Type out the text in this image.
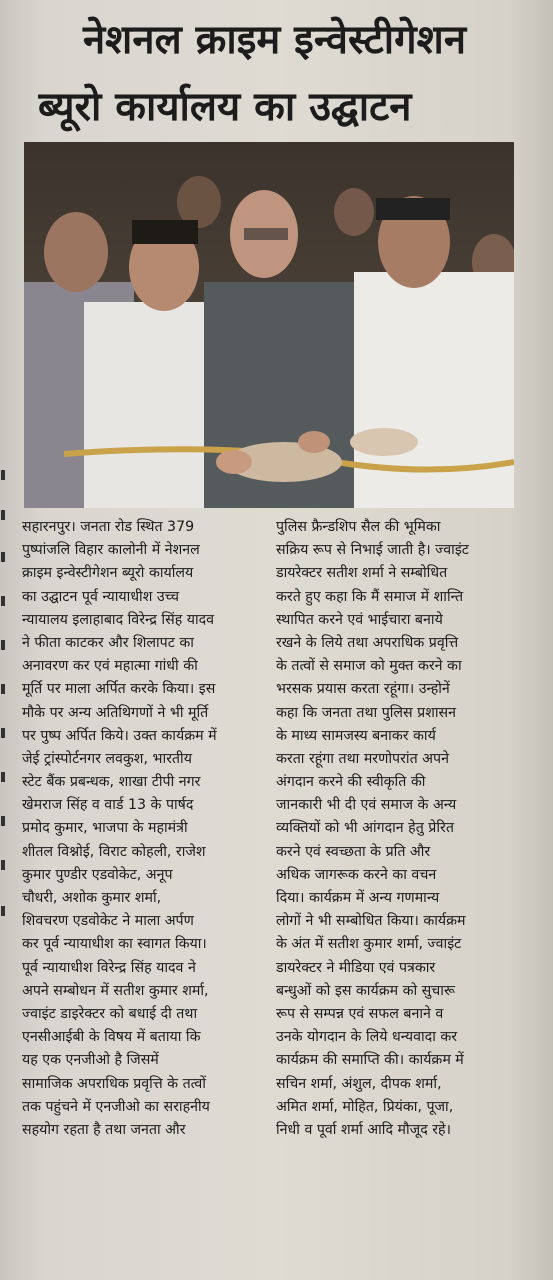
नेशनल क्राइम इन्वेस्टीगेशन
ब्यूरो कार्यालय का उद्घाटन
सहारनपुर। जनता रोड स्थित 379
पुष्पांजलि विहार कालोनी में नेशनल
क्राइम इन्वेस्टीगेशन ब्यूरो कार्यालय
का उद्घाटन पूर्व न्यायाधीश उच्च
न्यायालय इलाहाबाद विरेन्द्र सिंह यादव
ने फीता काटकर और शिलापट का
अनावरण कर एवं महात्मा गांधी की
मूर्ति पर माला अर्पित करके किया। इस
मौके पर अन्य अतिथिगणों ने भी मूर्ति
पर पुष्प अर्पित किये। उक्त कार्यक्रम में
जेई ट्रांस्पोर्टनगर लवकुश, भारतीय
स्टेट बैंक प्रबन्धक, शाखा टीपी नगर
खेमराज सिंह व वार्ड 13 के पार्षद
प्रमोद कुमार, भाजपा के महामंत्री
शीतल विश्नोई, विराट कोहली, राजेश
कुमार पुण्डीर एडवोकेट, अनूप
चौधरी, अशोक कुमार शर्मा,
शिवचरण एडवोकेट ने माला अर्पण
कर पूर्व न्यायाधीश का स्वागत किया।
पूर्व न्यायाधीश विरेन्द्र सिंह यादव ने
अपने सम्बोधन में सतीश कुमार शर्मा,
ज्वाइंट डाइरेक्टर को बधाई दी तथा
एनसीआईबी के विषय में बताया कि
यह एक एनजीओ है जिसमें
सामाजिक अपराधिक प्रवृत्ति के तत्वों
तक पहुंचने में एनजीओ का सराहनीय
सहयोग रहता है तथा जनता और
पुलिस फ्रैन्डशिप सैल की भूमिका
सक्रिय रूप से निभाई जाती है। ज्वाइंट
डायरेक्टर सतीश शर्मा ने सम्बोधित
करते हुए कहा कि मैं समाज में शान्ति
स्थापित करने एवं भाईचारा बनाये
रखने के लिये तथा अपराधिक प्रवृत्ति
के तत्वों से समाज को मुक्त करने का
भरसक प्रयास करता रहूंगा। उन्होनें
कहा कि जनता तथा पुलिस प्रशासन
के माध्य सामजस्य बनाकर कार्य
करता रहूंगा तथा मरणोपरांत अपने
अंगदान करने की स्वीकृति की
जानकारी भी दी एवं समाज के अन्य
व्यक्तियों को भी आंगदान हेतु प्रेरित
करने एवं स्वच्छता के प्रति और
अधिक जागरूक करने का वचन
दिया। कार्यक्रम में अन्य गणमान्य
लोगों ने भी सम्बोधित किया। कार्यक्रम
के अंत में सतीश कुमार शर्मा, ज्वाइंट
डायरेक्टर ने मीडिया एवं पत्रकार
बन्धुओं को इस कार्यक्रम को सुचारू
रूप से सम्पन्न एवं सफल बनाने व
उनके योगदान के लिये धन्यवादा कर
कार्यक्रम की समाप्ति की। कार्यक्रम में
सचिन शर्मा, अंशुल, दीपक शर्मा,
अमित शर्मा, मोहित, प्रियंका, पूजा,
निधी व पूर्वा शर्मा आदि मौजूद रहे।
